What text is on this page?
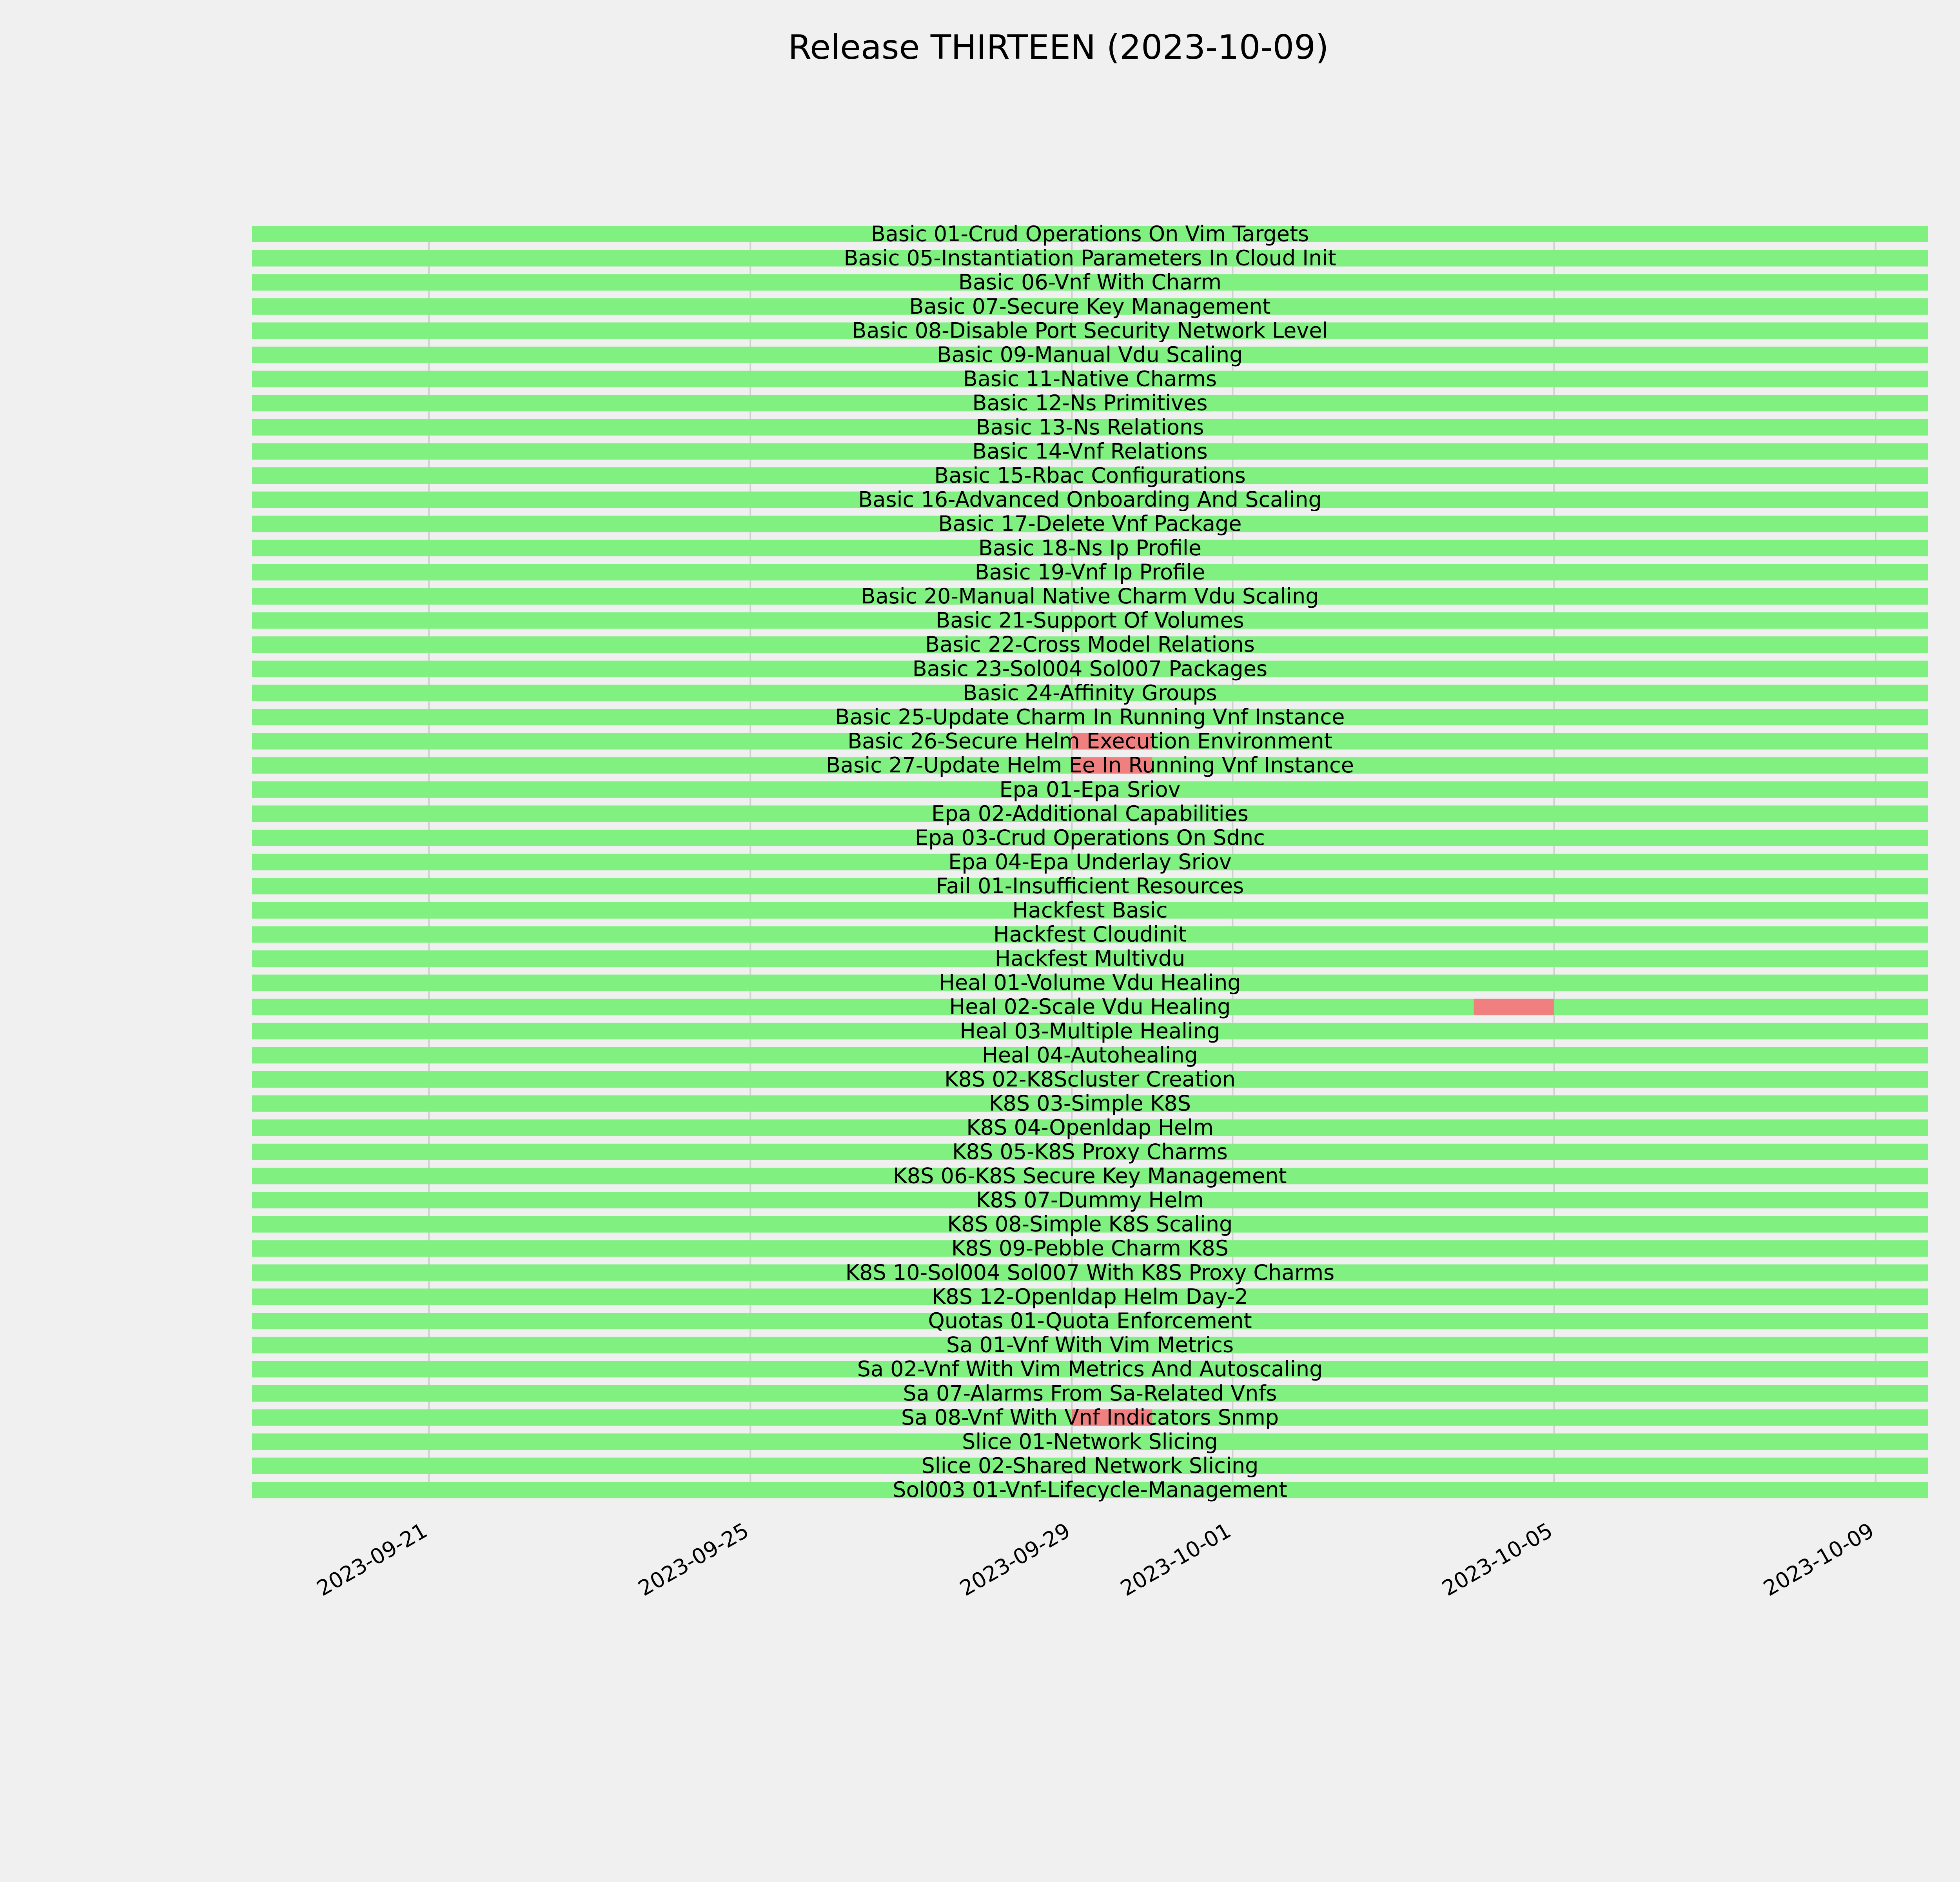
Release THIRTEEN (2023-10-09)
Basic 01-Crud Operations On Vim Targets
Basic 05-Instantiation Parameters In Cloud Init
Basic 06-Vnf With Charm
Basic 07-Secure Key Management
Basic 08-Disable Port Security Network Level
Basic 09-Manual Vdu Scaling
Basic 11-Native Charms
Basic 12-Ns Primitives
Basic 13-Ns Relations
Basic 14-Vnf Relations
Basic 15-Rbac Configurations
Basic 16-Advanced Onboarding And Scaling
Basic 17-Delete Vnf Package
Basic 18-Ns Ip Profile
Basic 19-Vnf Ip Profile
Basic 20-Manual Native Charm Vdu Scaling
Basic 21-Support Of Volumes
Basic 22-Cross Model Relations
Basic 23-Sol004 Sol007 Packages
Basic 24-Affinity Groups
Basic 25-Update Charm In Running Vnf Instance
Basic 26-Secure Helm Execution Environment
Basic 27-Update Helm Ee In Running Vnf Instance
Epa 01-Epa Sriov
Epa 02-Additional Capabilities
Epa 03-Crud Operations On Sdnc
Epa 04-Epa Underlay Sriov
Fail 01-Insufficient Resources
Hackfest Basic
Hackfest Cloudinit
Hackfest Multivdu
Heal 01-Volume Vdu Healing
Heal 02-Scale Vdu Healing
Heal 03-Multiple Healing
Heal 04-Autohealing
K8S 02-K8Scluster Creation
K8S 03-Simple K8S
K8S 04-Openldap Helm
K8S 05-K8S Proxy Charms
K8S 06-K8S Secure Key Management
K8S 07-Dummy Helm
K8S 08-Simple K8S Scaling
K8S 09-Pebble Charm K8S
K8S 10-Sol004 Sol007 With K8S Proxy Charms
K8S 12-Openldap Helm Day-2
Quotas 01-Quota Enforcement
Sa 01-Vnf With Vim Metrics
Sa 02-Vnf With Vim Metrics And Autoscaling
Sa 07-Alarms From Sa-Related Vnfs
Sa 08-Vnf With Vnf Indicators Snmp
Slice 01-Network Slicing
Slice 02-Shared Network Slicing
Sol003 01-Vnf-Lifecycle-Management
2023-09-21	2023-09-25	2023-09-29 2023-10-01	2023-10-05	2023-10-09
